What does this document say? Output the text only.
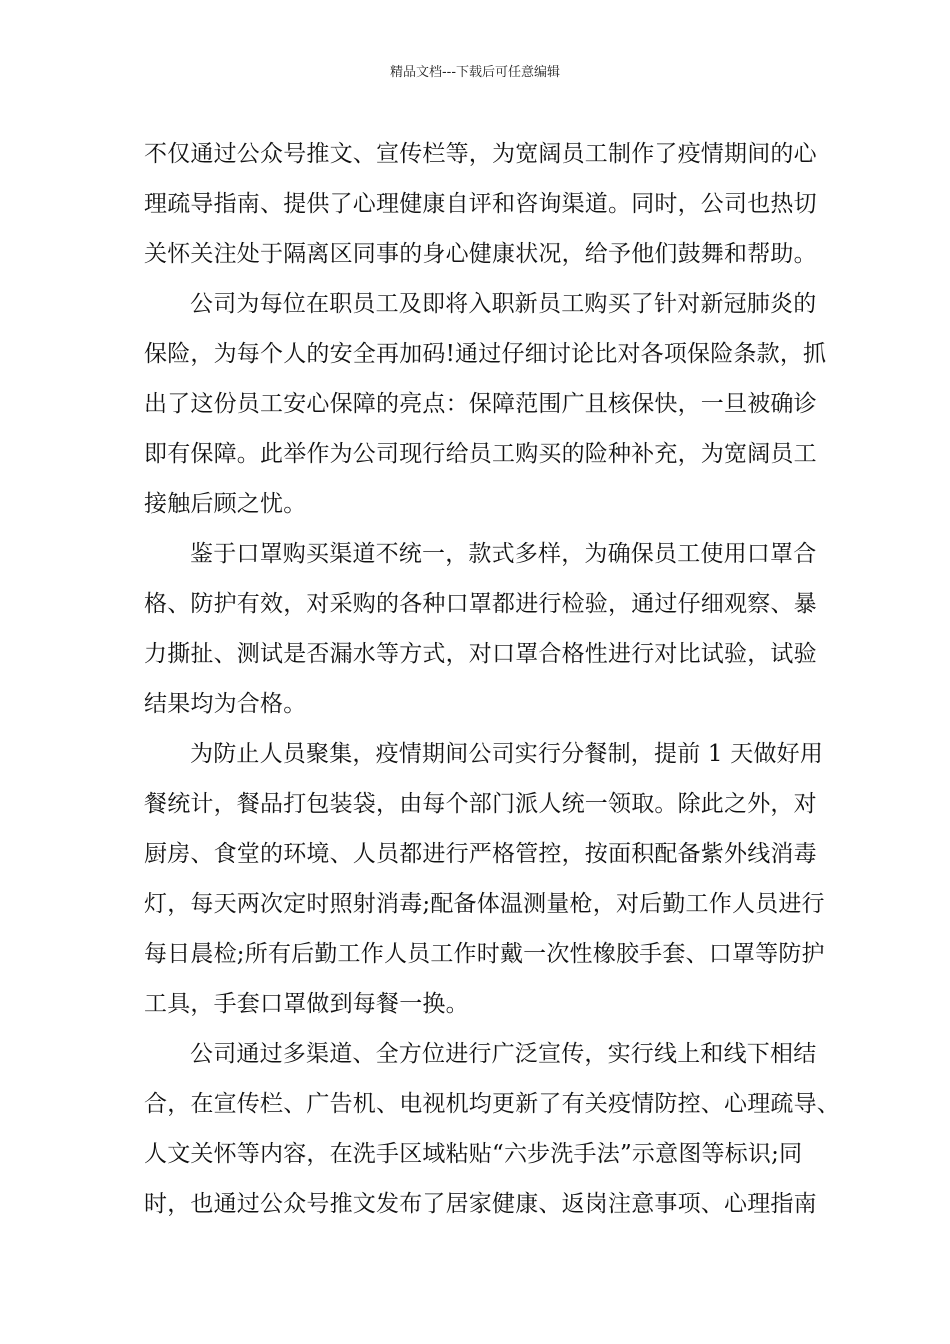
精品文档---下载后可任意编辑
不仅通过公众号推文、宣传栏等，为宽阔员工制作了疫情期间的心
理疏导指南、提供了心理健康自评和咨询渠道。同时，公司也热切
关怀关注处于隔离区同事的身心健康状况，给予他们鼓舞和帮助。
公司为每位在职员工及即将入职新员工购买了针对新冠肺炎的
保险，为每个人的安全再加码!通过仔细讨论比对各项保险条款，抓
出了这份员工安心保障的亮点：保障范围广且核保快，一旦被确诊
即有保障。此举作为公司现行给员工购买的险种补充，为宽阔员工
接触后顾之忧。
鉴于口罩购买渠道不统一，款式多样，为确保员工使用口罩合
格、防护有效，对采购的各种口罩都进行检验，通过仔细观察、暴
力撕扯、测试是否漏水等方式，对口罩合格性进行对比试验，试验
结果均为合格。
为防止人员聚集，疫情期间公司实行分餐制，提前 1 天做好用
餐统计，餐品打包装袋，由每个部门派人统一领取。除此之外，对
厨房、食堂的环境、人员都进行严格管控，按面积配备紫外线消毒
灯，每天两次定时照射消毒;配备体温测量枪，对后勤工作人员进行
每日晨检;所有后勤工作人员工作时戴一次性橡胶手套、口罩等防护
工具，手套口罩做到每餐一换。
公司通过多渠道、全方位进行广泛宣传，实行线上和线下相结
合，在宣传栏、广告机、电视机均更新了有关疫情防控、心理疏导、
人文关怀等内容，在洗手区域粘贴“六步洗手法”示意图等标识;同
时，也通过公众号推文发布了居家健康、返岗注意事项、心理指南
